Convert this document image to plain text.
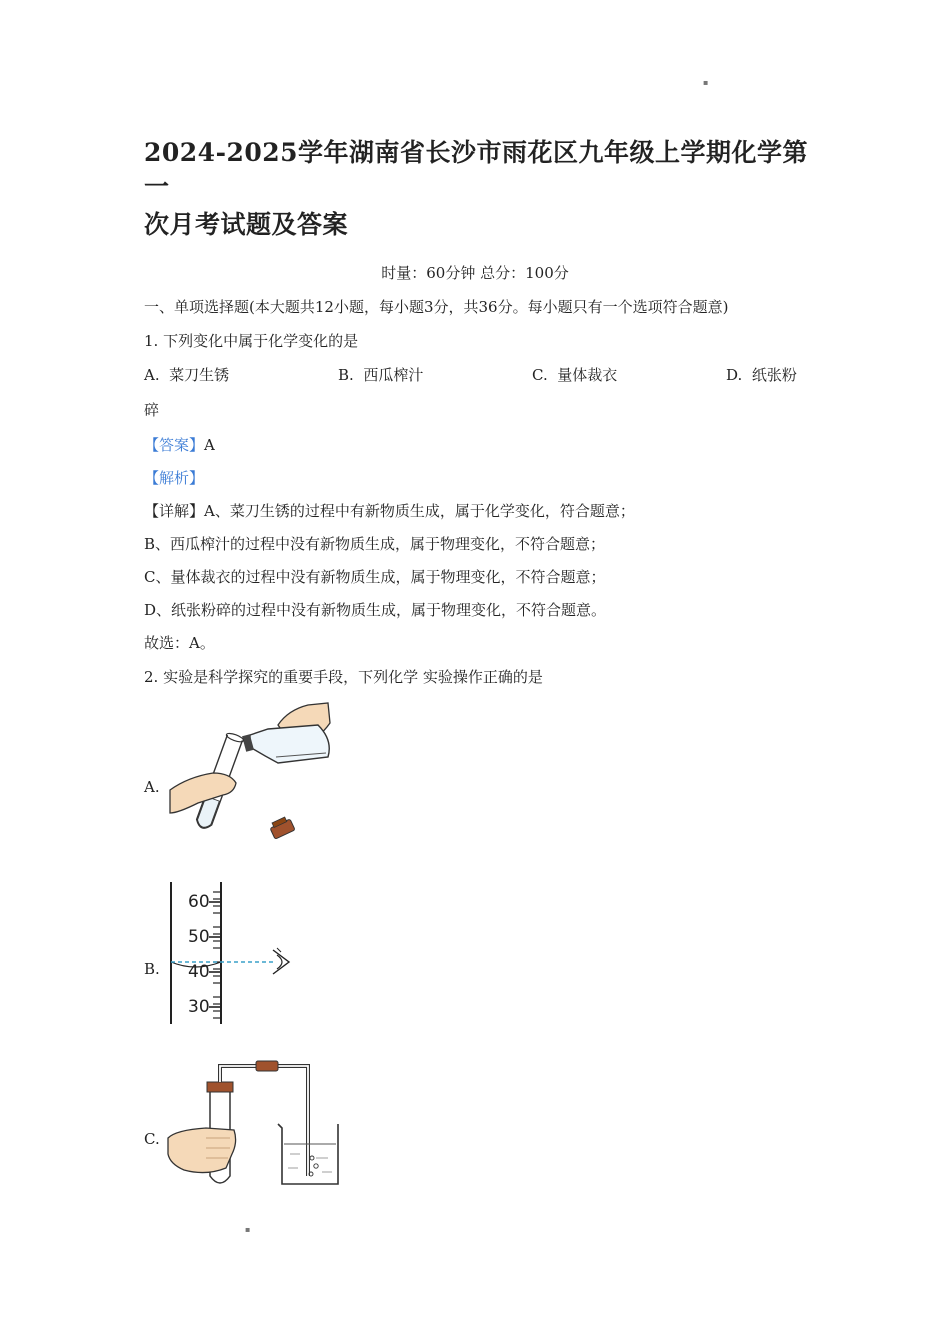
▪
2024-2025学年湖南省长沙市雨花区九年级上学期化学第一
次月考试题及答案
时量：60分钟 总分：100分
一、单项选择题(本大题共12小题，每小题3分，共36分。每小题只有一个选项符合题意)
1. 下列变化中属于化学变化的是
A. 菜刀生锈	B. 西瓜榨汁	C. 量体裁衣	D. 纸张粉
碎
【答案】A
【解析】
【详解】A、菜刀生锈的过程中有新物质生成，属于化学变化，符合题意；
B、西瓜榨汁的过程中没有新物质生成，属于物理变化，不符合题意；
C、量体裁衣的过程中没有新物质生成，属于物理变化，不符合题意；
D、纸张粉碎的过程中没有新物质生成，属于物理变化，不符合题意。
故选：A。
2. 实验是科学探究的重要手段，下列化学 实验操作正确的是
A.
B.
60
50
40
30
C.
▪
